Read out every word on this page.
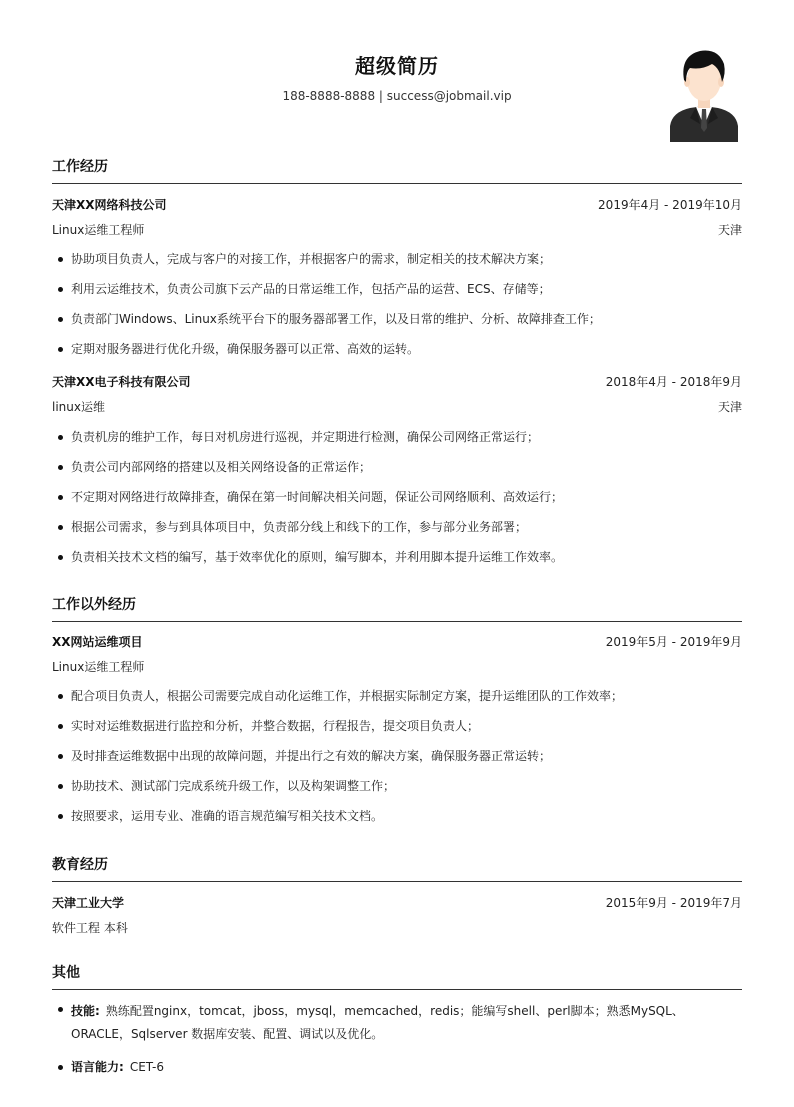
超级简历
188-8888-8888 | success@jobmail.vip
工作经历
天津XX网络科技公司	2019年4月 - 2019年10月
Linux运维工程师	天津
协助项目负责人，完成与客户的对接工作，并根据客户的需求，制定相关的技术解决方案；
利用云运维技术，负责公司旗下云产品的日常运维工作，包括产品的运营、ECS、存储等；
负责部门Windows、Linux系统平台下的服务器部署工作，以及日常的维护、分析、故障排查工作；
定期对服务器进行优化升级，确保服务器可以正常、高效的运转。
天津XX电子科技有限公司	2018年4月 - 2018年9月
linux运维	天津
负责机房的维护工作，每日对机房进行巡视，并定期进行检测，确保公司网络正常运行；
负责公司内部网络的搭建以及相关网络设备的正常运作；
不定期对网络进行故障排查，确保在第一时间解决相关问题，保证公司网络顺利、高效运行；
根据公司需求，参与到具体项目中，负责部分线上和线下的工作，参与部分业务部署；
负责相关技术文档的编写，基于效率优化的原则，编写脚本，并利用脚本提升运维工作效率。
工作以外经历
XX网站运维项目	2019年5月 - 2019年9月
Linux运维工程师
配合项目负责人，根据公司需要完成自动化运维工作，并根据实际制定方案，提升运维团队的工作效率；
实时对运维数据进行监控和分析，并整合数据，行程报告，提交项目负责人；
及时排查运维数据中出现的故障问题，并提出行之有效的解决方案，确保服务器正常运转；
协助技术、测试部门完成系统升级工作，以及构架调整工作；
按照要求，运用专业、准确的语言规范编写相关技术文档。
教育经历
天津工业大学	2015年9月 - 2019年7月
软件工程 本科
其他
技能: 熟练配置nginx，tomcat，jboss，mysql，memcached，redis；能编写shell、perl脚本；熟悉MySQL、ORACLE，Sqlserver 数据库安装、配置、调试以及优化。
语言能力: CET-6
